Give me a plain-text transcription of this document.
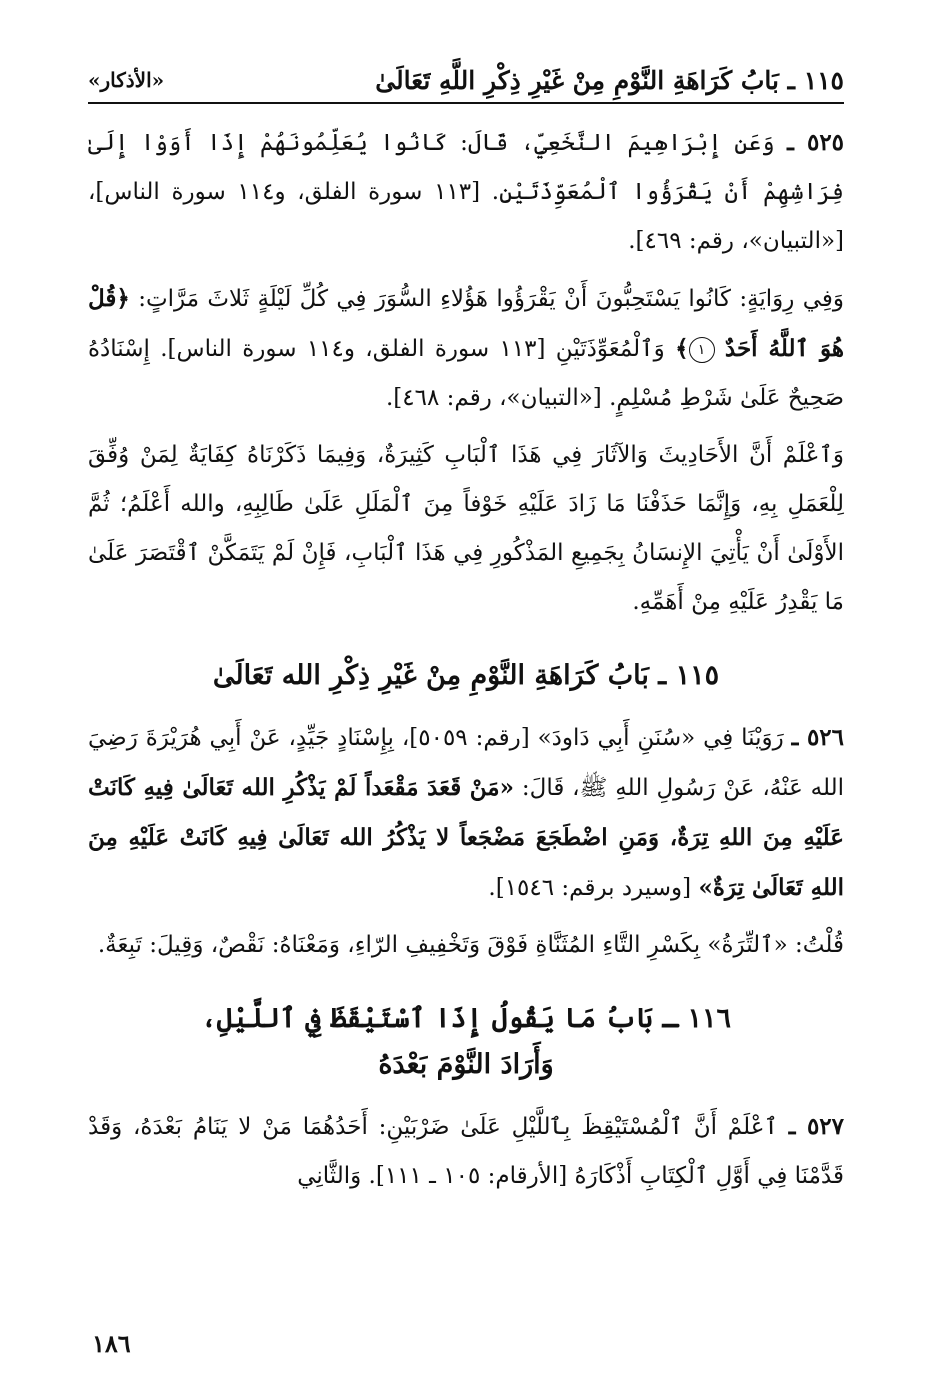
١١٥ ـ بَابُ كَرَاهَةِ النَّوْمِ مِنْ غَيْرِ ذِكْرِ اللَّهِ تَعَالَىٰ
«الأذكار»

٥٢٥ ـ وَعَنِ إِبْرَاهِيمَ النَّخَعِيِّ، قَالَ: كَانُوا يُعَلِّمُونَهُمْ إِذَا أَوَوْا إِلَىٰ فِرَاشِهِمْ أَنْ يَقْرَؤُوا ٱلْمُعَوِّذَتَيْنِ. [١١٣ سورة الفلق، و١١٤ سورة الناس]، [«التبيان»، رقم: ٤٦٩].

وَفِي رِوَايَةٍ: كَانُوا يَسْتَحِبُّونَ أَنْ يَقْرَؤُوا هَؤُلاءِ السُّوَرَ فِي كُلِّ لَيْلَةٍ ثَلاثَ مَرَّاتٍ: ﴿قُلْ هُوَ ٱللَّهُ أَحَدٌ ١﴾ وَٱلْمُعَوِّذَتَيْنِ [١١٣ سورة الفلق، و١١٤ سورة الناس]. إِسْنَادُهُ صَحِيحٌ عَلَىٰ شَرْطِ مُسْلِمٍ. [«التبيان»، رقم: ٤٦٨].

وَٱعْلَمْ أَنَّ الأَحَادِيثَ وَالآثَارَ فِي هَذَا ٱلْبَابِ كَثِيرَةٌ، وَفِيمَا ذَكَرْنَاهُ كِفَايَةٌ لِمَنْ وُفِّقَ لِلْعَمَلِ بِهِ، وَإِنَّمَا حَذَفْنَا مَا زَادَ عَلَيْهِ خَوْفاً مِنَ ٱلْمَلَلِ عَلَىٰ طَالِبِهِ، والله أَعْلَمُ؛ ثُمَّ الأَوْلَىٰ أَنْ يَأْتِيَ الإِنسَانُ بِجَمِيعِ المَذْكُورِ فِي هَذَا ٱلْبَابِ، فَإِنْ لَمْ يَتَمَكَّنْ ٱقْتَصَرَ عَلَىٰ مَا يَقْدِرُ عَلَيْهِ مِنْ أَهَمِّهِ.

١١٥ ـ بَابُ كَرَاهَةِ النَّوْمِ مِنْ غَيْرِ ذِكْرِ الله تَعَالَىٰ

٥٢٦ ـ رَوَيْنَا فِي «سُنَنِ أَبِي دَاودَ» [رقم: ٥٠٥٩]، بِإِسْنَادٍ جَيِّدٍ، عَنْ أَبِي هُرَيْرَةَ رَضِيَ الله عَنْهُ، عَنْ رَسُولِ اللهِ ﷺ، قَالَ: «مَنْ قَعَدَ مَقْعَداً لَمْ يَذْكُرِ الله تَعَالَىٰ فِيهِ كَانَتْ عَلَيْهِ مِنَ اللهِ تِرَةٌ، وَمَنِ اضْطَجَعَ مَضْجَعاً لا يَذْكُرُ الله تَعَالَىٰ فِيهِ كَانَتْ عَلَيْهِ مِنَ اللهِ تَعَالَىٰ تِرَةٌ» [وسيرد برقم: ١٥٤٦].

قُلْتُ: «ٱلتِّرَةُ» بِكَسْرِ التَّاءِ المُثَنَّاةِ فَوْقَ وَتَخْفِيفِ الرّاءِ، وَمَعْنَاهُ: نَقْصٌ، وَقِيلَ: تَبِعَةٌ.

١١٦ ـ بَابُ مَا يَقُولُ إِذَا ٱسْتَيْقَظَ فِي ٱللَّيْلِ،
وَأَرَادَ النَّوْمَ بَعْدَهُ

٥٢٧ ـ ٱعْلَمْ أَنَّ ٱلْمُسْتَيْقِظَ بِٱللَّيْلِ عَلَىٰ ضَرْبَيْنِ: أَحَدُهُمَا مَنْ لا يَنَامُ بَعْدَهُ، وَقَدْ قَدَّمْنَا فِي أَوَّلِ ٱلْكِتَابِ أَذْكَارَهُ [الأرقام: ١٠٥ ـ ١١١]. وَالثَّانِي

١٨٦
